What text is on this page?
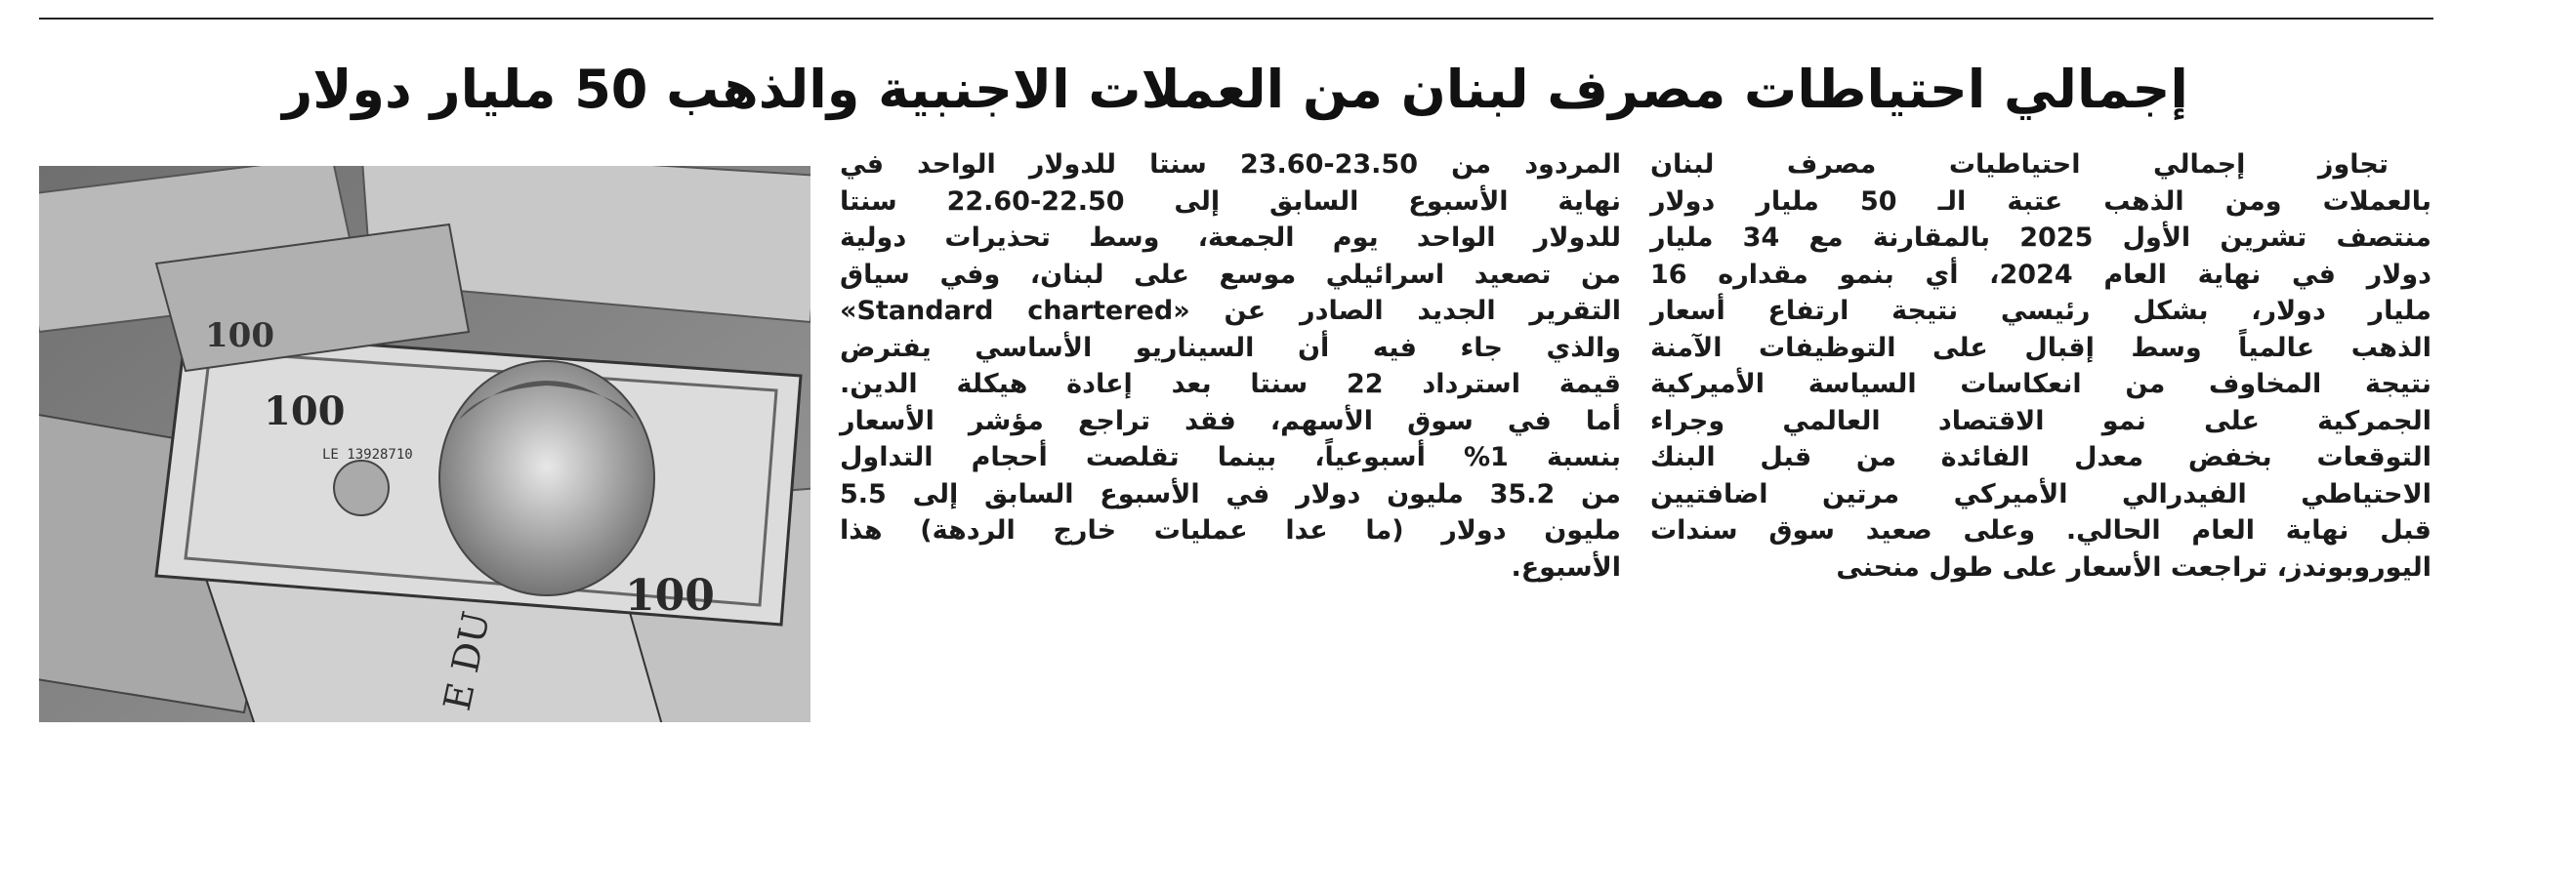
إجمالي احتياطات مصرف لبنان من العملات الاجنبية والذهب 50 مليار دولار
تجاوز إجمالي احتياطيات مصرف لبنان
بالعملات ومن الذهب عتبة الـ 50 مليار دولار
منتصف تشرين الأول 2025 بالمقارنة مع 34 مليار
دولار في نهاية العام 2024، أي بنمو مقداره 16
مليار دولار، بشكل رئيسي نتيجة ارتفاع أسعار
الذهب عالمياً وسط إقبال على التوظيفات الآمنة
نتيجة المخاوف من انعكاسات السياسة الأميركية
الجمركية على نمو الاقتصاد العالمي وجراء
التوقعات بخفض معدل الفائدة من قبل البنك
الاحتياطي الفيدرالي الأميركي مرتين اضافتيين
قبل نهاية العام الحالي. وعلى صعيد سوق سندات
اليوروبوندز، تراجعت الأسعار على طول منحنى
المردود من 23.50-23.60 سنتا للدولار الواحد في
نهاية الأسبوع السابق إلى 22.50-22.60 سنتا
للدولار الواحد يوم الجمعة، وسط تحذيرات دولية
من تصعيد اسرائيلي موسع على لبنان، وفي سياق
التقرير الجديد الصادر عن «Standard chartered»
والذي جاء فيه أن السيناريو الأساسي يفترض
قيمة استرداد 22 سنتا بعد إعادة هيكلة الدين.
أما في سوق الأسهم، فقد تراجع مؤشر الأسعار
بنسبة 1% أسبوعياً، بينما تقلصت أحجام التداول
من 35.2 مليون دولار في الأسبوع السابق إلى 5.5
مليون دولار (ما عدا عمليات خارج الردهة) هذا
الأسبوع.
100
LE 13928710
100
100
